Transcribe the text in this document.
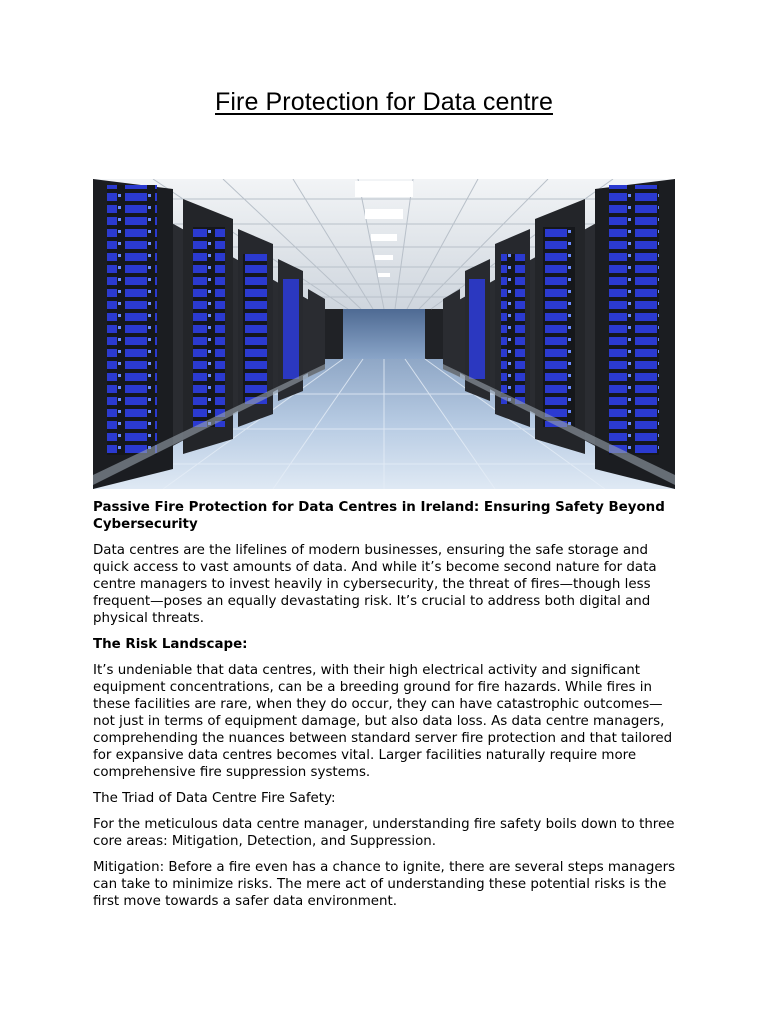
Fire Protection for Data centre
Passive Fire Protection for Data Centres in Ireland: Ensuring Safety Beyond Cybersecurity

Data centres are the lifelines of modern businesses, ensuring the safe storage and quick access to vast amounts of data. And while it’s become second nature for data centre managers to invest heavily in cybersecurity, the threat of fires—though less frequent—poses an equally devastating risk. It’s crucial to address both digital and physical threats.

The Risk Landscape:

It’s undeniable that data centres, with their high electrical activity and significant equipment concentrations, can be a breeding ground for fire hazards. While fires in these facilities are rare, when they do occur, they can have catastrophic outcomes—not just in terms of equipment damage, but also data loss. As data centre managers, comprehending the nuances between standard server fire protection and that tailored for expansive data centres becomes vital. Larger facilities naturally require more comprehensive fire suppression systems.

The Triad of Data Centre Fire Safety:

For the meticulous data centre manager, understanding fire safety boils down to three core areas: Mitigation, Detection, and Suppression.

Mitigation: Before a fire even has a chance to ignite, there are several steps managers can take to minimize risks. The mere act of understanding these potential risks is the first move towards a safer data environment.
